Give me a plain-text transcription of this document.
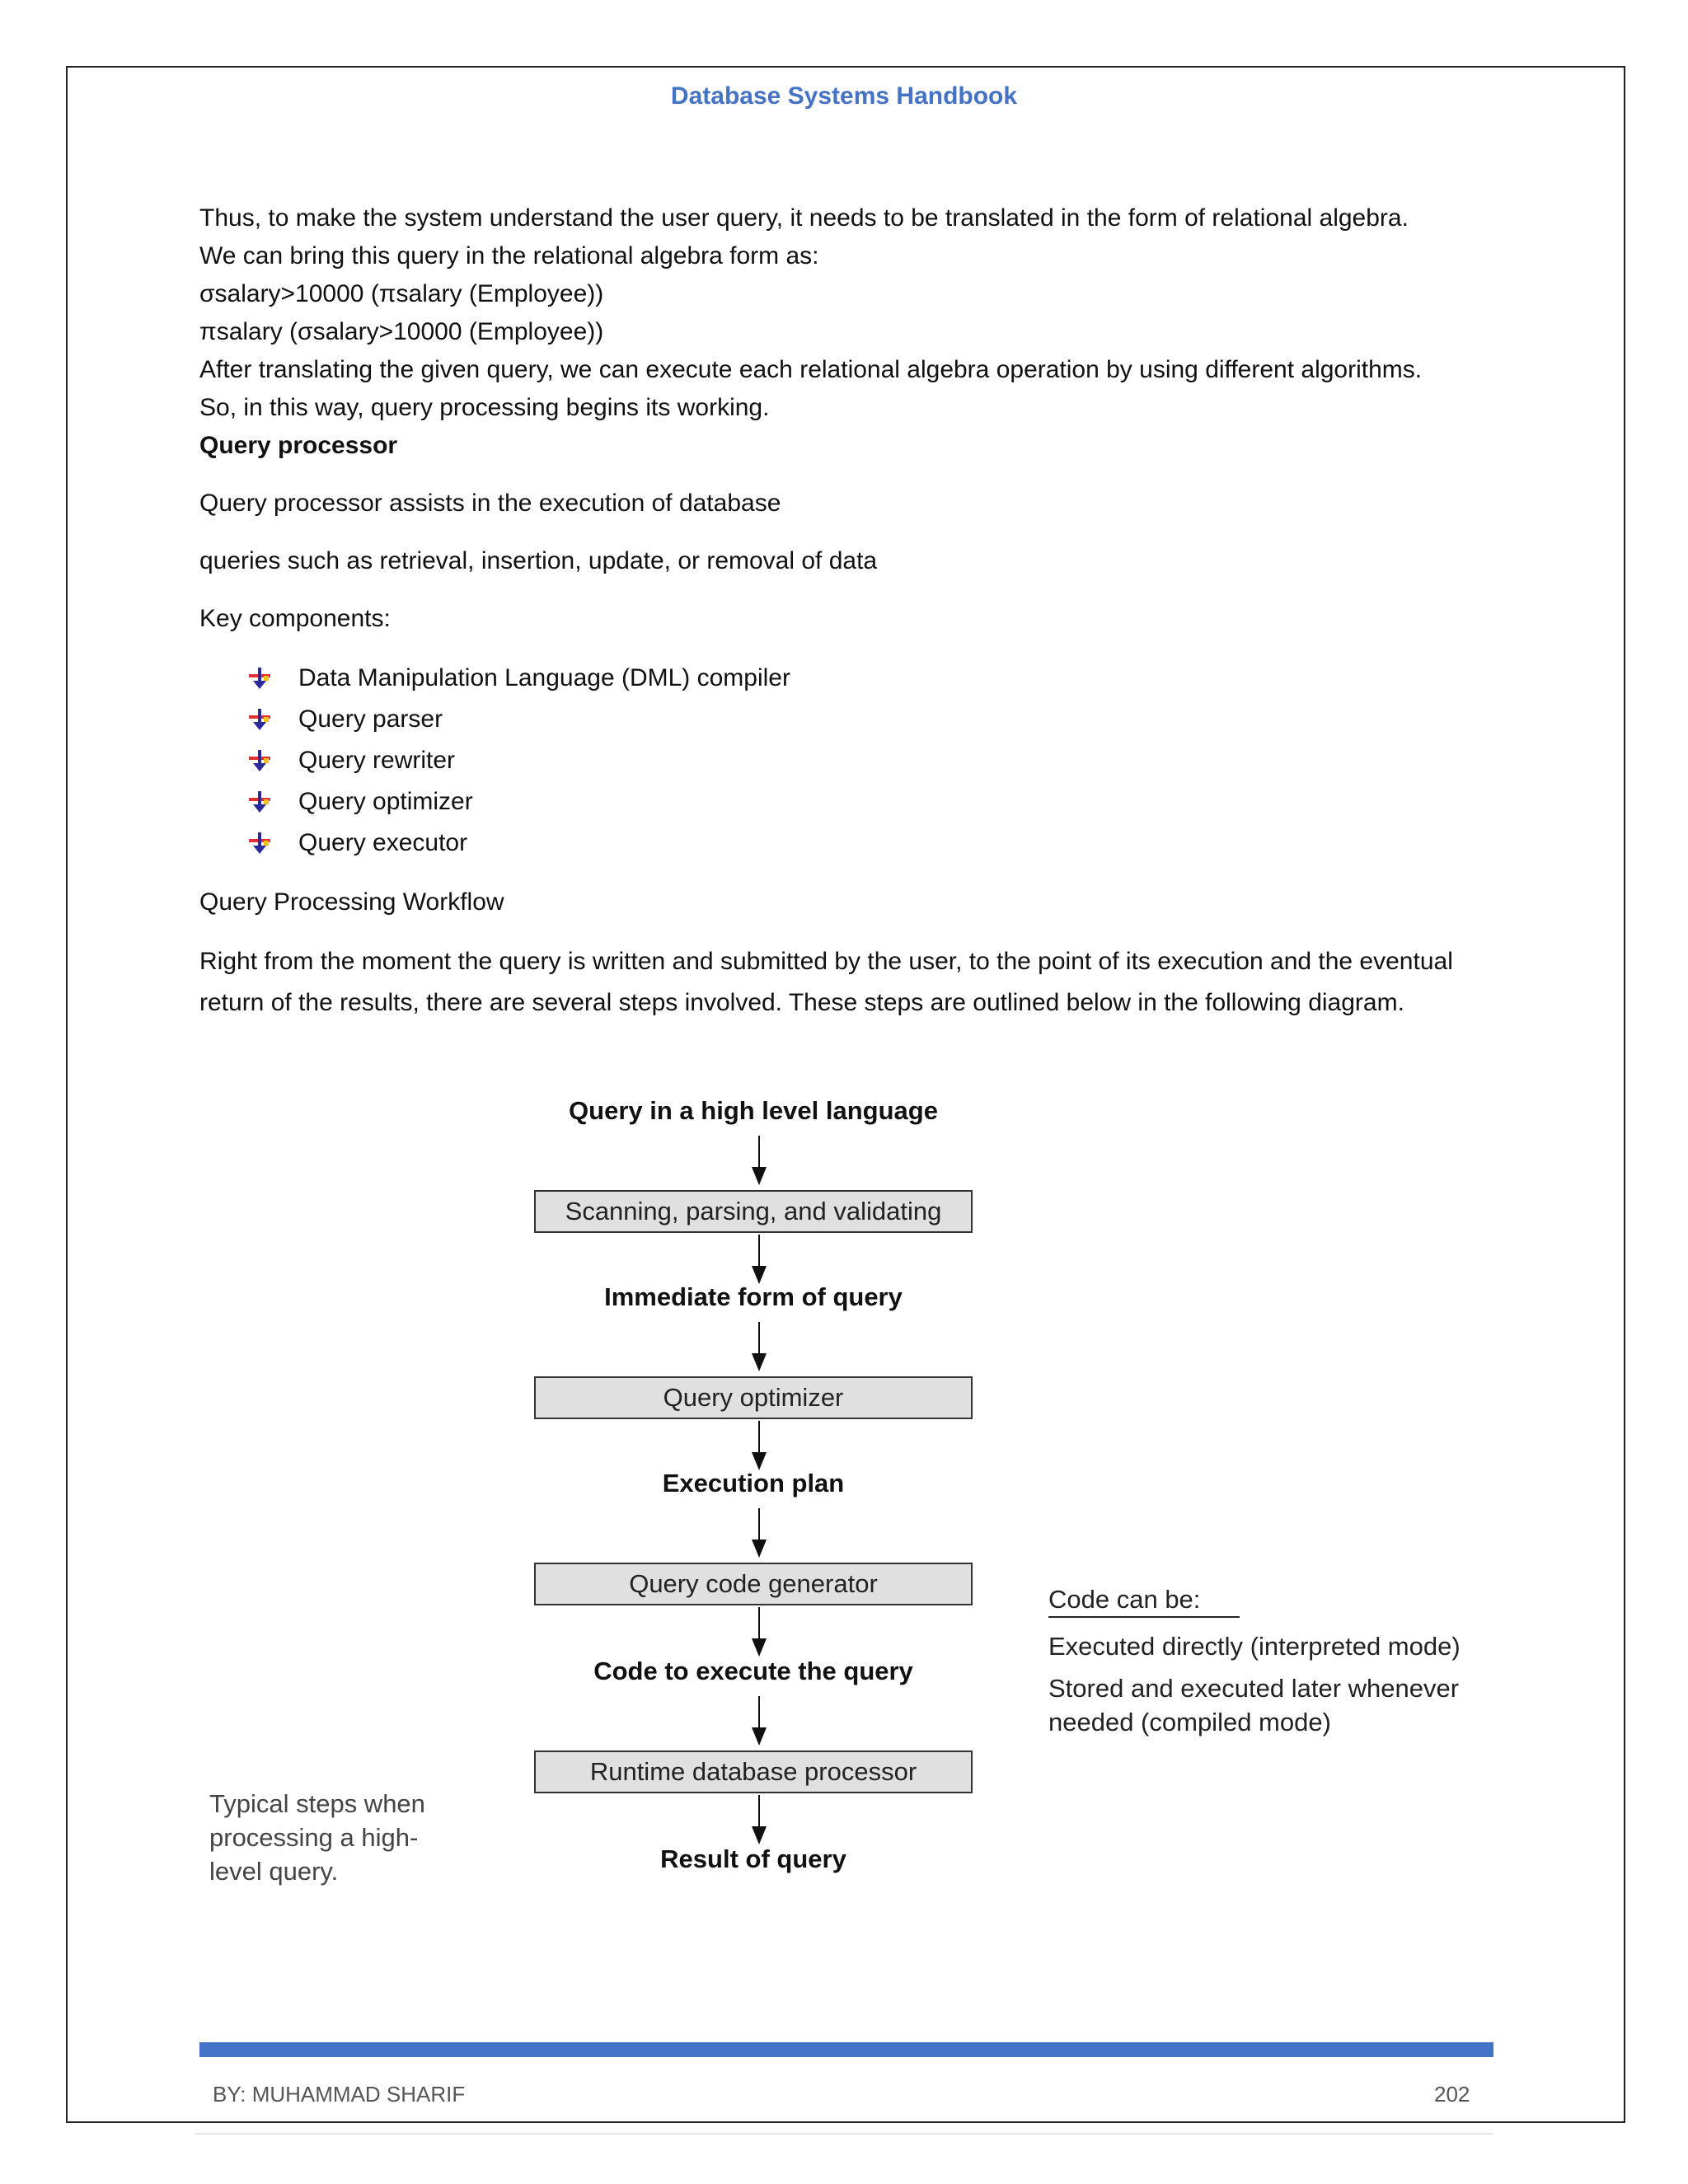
Database Systems Handbook

Thus, to make the system understand the user query, it needs to be translated in the form of relational algebra.

We can bring this query in the relational algebra form as:

σsalary>10000 (πsalary (Employee))

πsalary (σsalary>10000 (Employee))

After translating the given query, we can execute each relational algebra operation by using different algorithms.

So, in this way, query processing begins its working.

Query processor

Query processor assists in the execution of database

queries such as retrieval, insertion, update, or removal of data

Key components:

Data Manipulation Language (DML) compiler
Query parser
Query rewriter
Query optimizer
Query executor

Query Processing Workflow

Right from the moment the query is written and submitted by the user, to the point of its execution and the eventual return of the results, there are several steps involved. These steps are outlined below in the following diagram.

Query in a high level language
Scanning, parsing, and validating
Immediate form of query
Query optimizer
Execution plan
Query code generator
Code to execute the query
Runtime database processor
Result of query
Code can be:
Executed directly (interpreted mode)
Stored and executed later whenever
needed (compiled mode)
Typical steps when
processing a high-
level query.
BY: MUHAMMAD SHARIF	202
